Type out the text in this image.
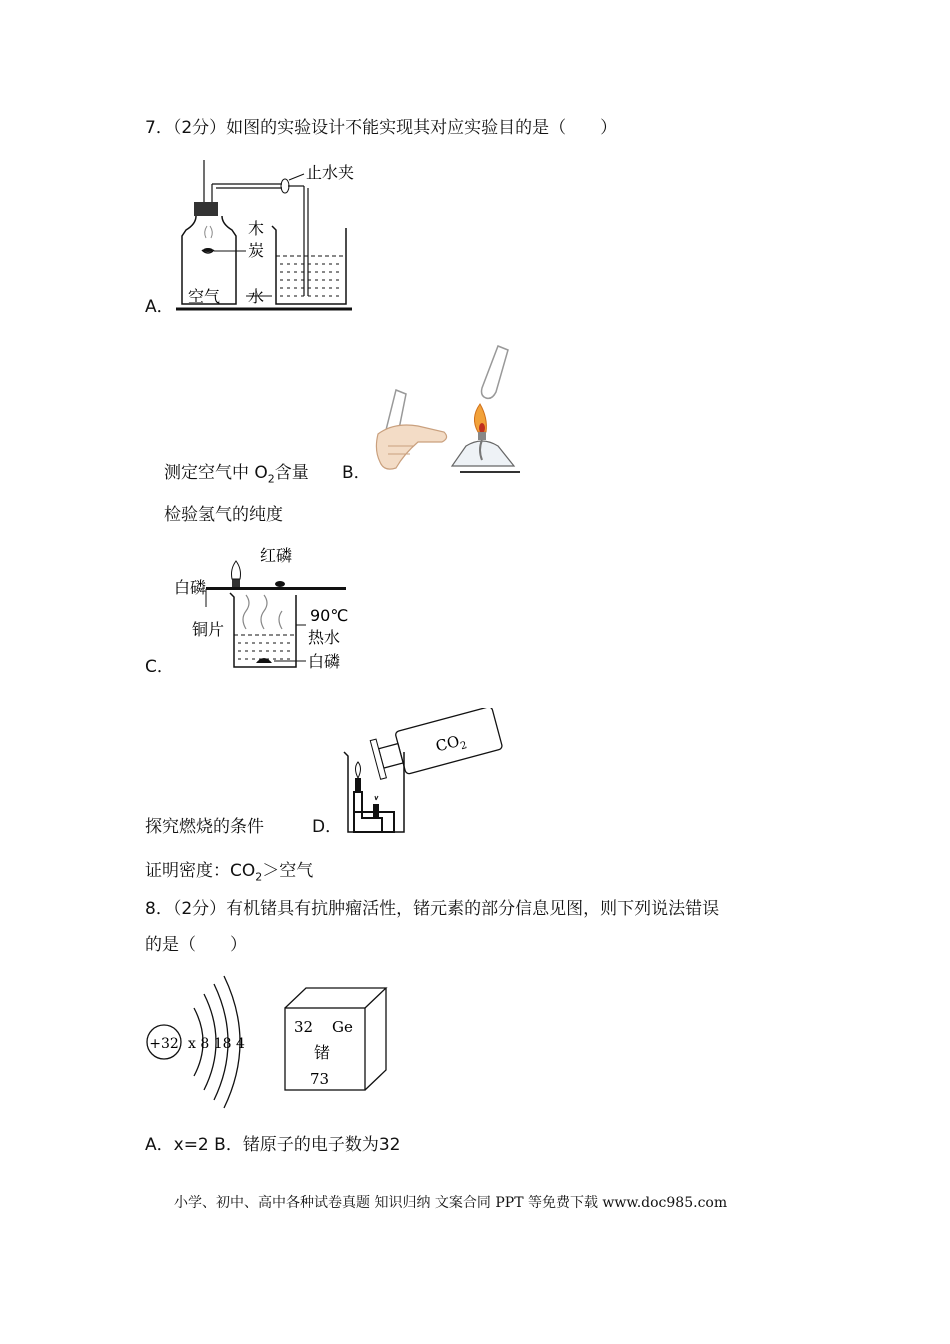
7．（2分）如图的实验设计不能实现其对应实验目的是（　　）
止水夹
木
炭
水
空气
A．
测定空气中 $O_2$含量 B．
检验氢气的纯度
红磷
白磷
铜片
90℃
热水
白磷
C．
探究燃烧的条件	D．
$CO_2$
证明密度：$CO_2>$空气
8．（2分）有机锗具有抗肿瘤活性，锗元素的部分信息见图，则下列说法错误
的是（　　）
+32 x 8 18 4
32 Ge
锗
73
A．x=2 B．锗原子的电子数为32
小学、初中、高中各种试卷真题 知识归纳 文案合同 PPT 等免费下载 www.doc985.com
